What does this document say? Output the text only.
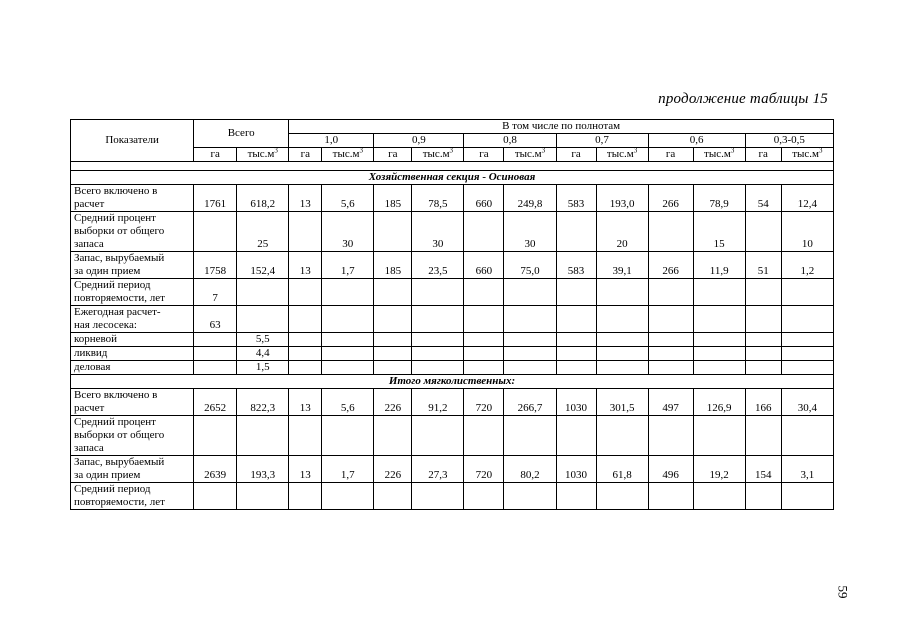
продолжение таблицы 15
Показатели	Всего		В том числе по полнотам											
			1,0		0,9		0,8		0,7		0,6		0,3-0,5	
	га	$тыс.м^3$	га	$тыс.м^3$	га	$тыс.м^3$	га	$тыс.м^3$	га	$тыс.м^3$	га	$тыс.м^3$	га	$тыс.м^3$

Хозяйственная секция - Осиновая														

Всего включено в
расчет	1761	618,2	13	5,6	185	78,5	660	249,8	583	193,0	266	78,9	54	12,4

Средний процент
выборки от общего
запаса		25		30		30		30		20		15		10

Запас, вырубаемый
за один прием	1758	152,4	13	1,7	185	23,5	660	75,0	583	39,1	266	11,9	51	1,2

Средний период
повторяемости, лет	7													

Ежегодная расчет-
ная лесосека:	63													

корневой		5,5												

ликвид		4,4												

деловая		1,5												
Итого мягколиственных:														

Всего включено в
расчет	2652	822,3	13	5,6	226	91,2	720	266,7	1030	301,5	497	126,9	166	30,4

Средний процент
выборки от общего
запаса														

Запас, вырубаемый
за один прием	2639	193,3	13	1,7	226	27,3	720	80,2	1030	61,8	496	19,2	154	3,1

Средний период
повторяемости, лет														

59
